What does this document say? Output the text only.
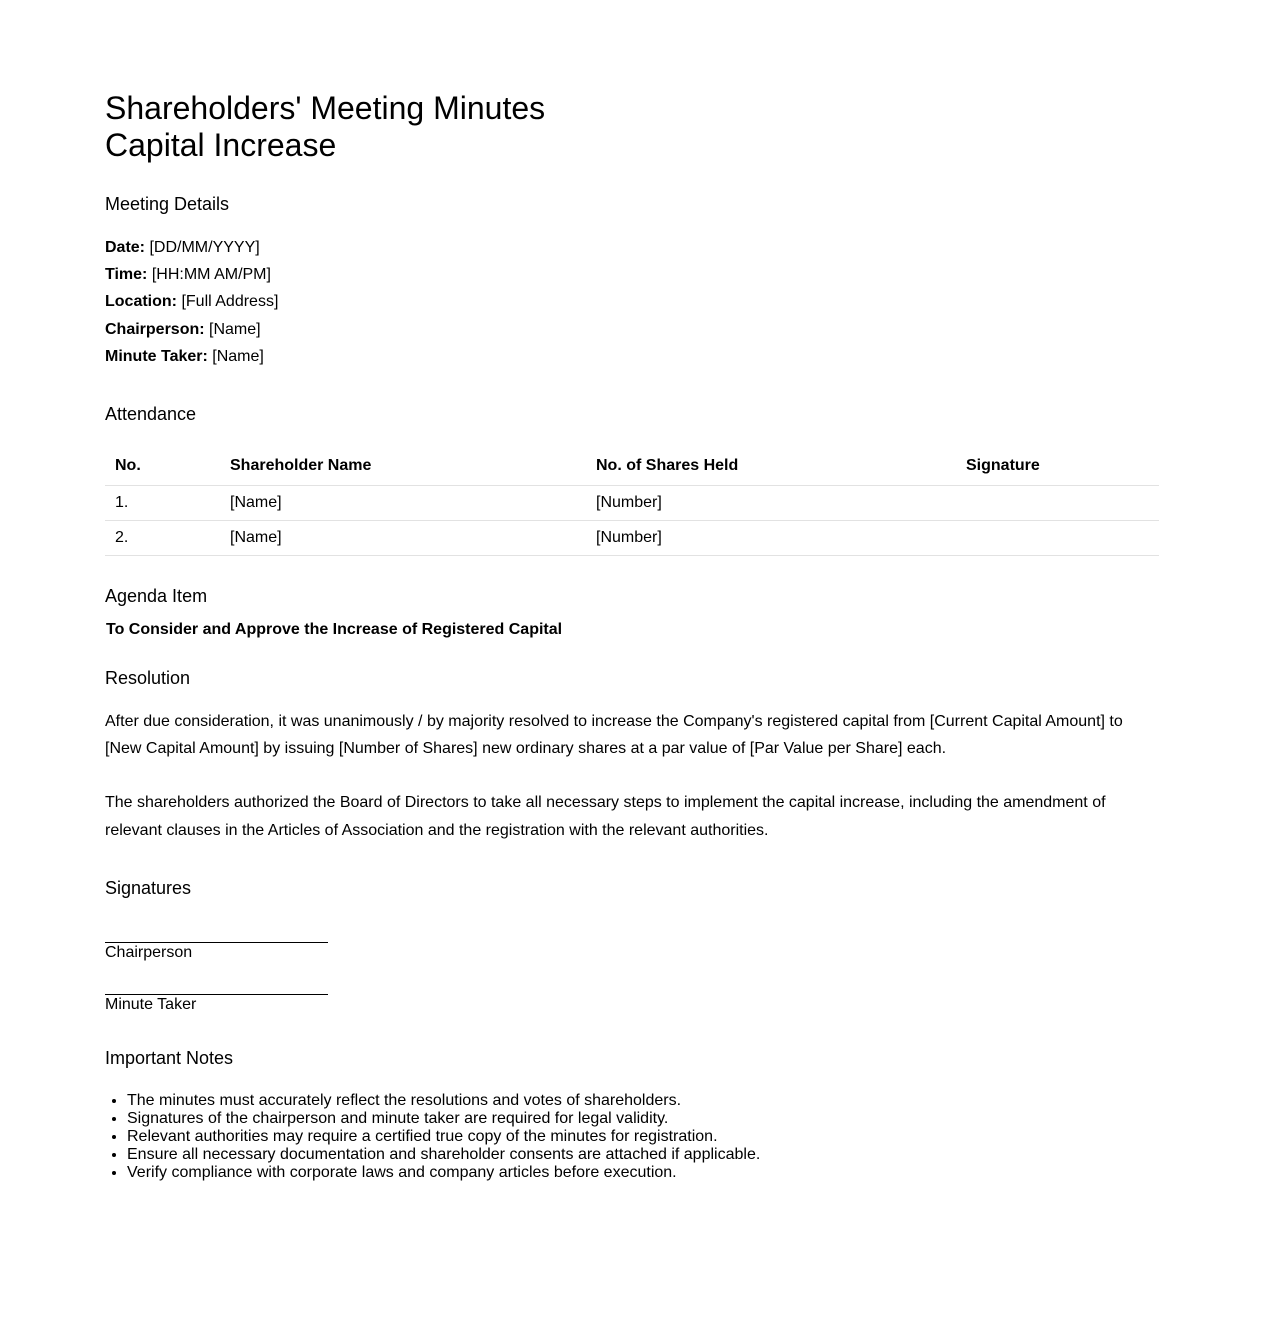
Shareholders' Meeting Minutes
Capital Increase
Meeting Details
Date: [DD/MM/YYYY]
Time: [HH:MM AM/PM]
Location: [Full Address]
Chairperson: [Name]
Minute Taker: [Name]
Attendance
No.	Shareholder Name	No. of Shares Held	Signature
1.	[Name]	[Number]	
2.	[Name]	[Number]	
Agenda Item
To Consider and Approve the Increase of Registered Capital
Resolution

After due consideration, it was unanimously / by majority resolved to increase the Company's registered capital from [Current Capital Amount] to [New Capital Amount] by issuing [Number of Shares] new ordinary shares at a par value of [Par Value per Share] each.

The shareholders authorized the Board of Directors to take all necessary steps to implement the capital increase, including the amendment of relevant clauses in the Articles of Association and the registration with the relevant authorities.

Signatures
Chairperson
Minute Taker
Important Notes
• The minutes must accurately reflect the resolutions and votes of shareholders.
• Signatures of the chairperson and minute taker are required for legal validity.
• Relevant authorities may require a certified true copy of the minutes for registration.
• Ensure all necessary documentation and shareholder consents are attached if applicable.
• Verify compliance with corporate laws and company articles before execution.
